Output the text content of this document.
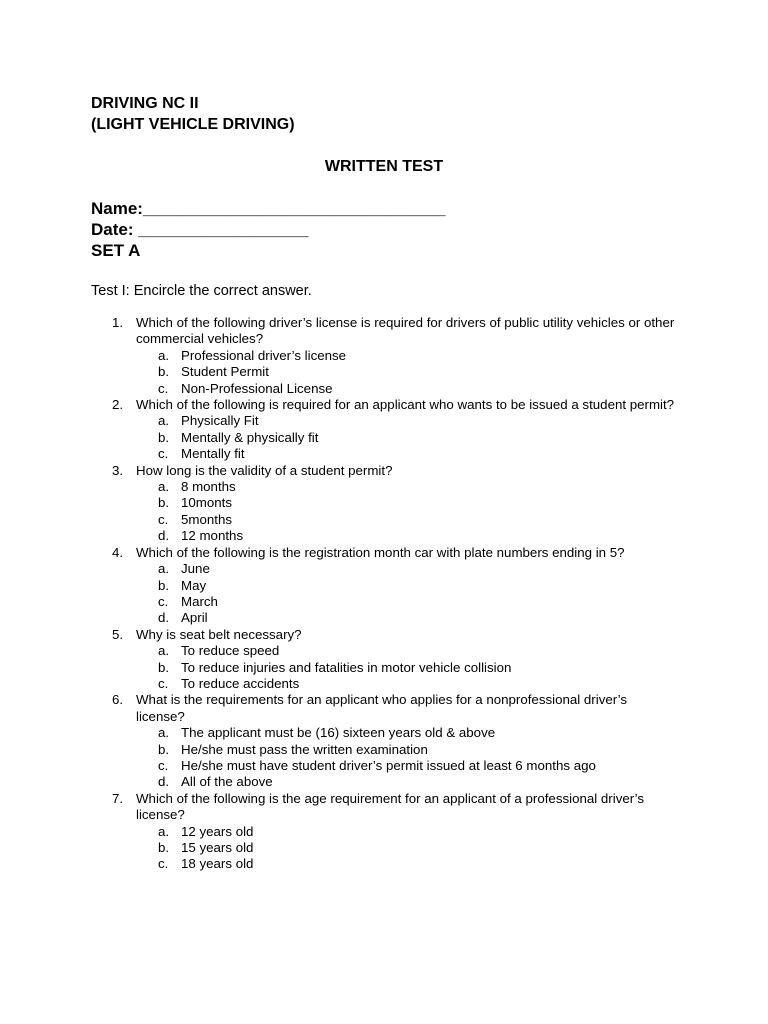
DRIVING NC II
(LIGHT VEHICLE DRIVING)
WRITTEN TEST
Name:________________________________
Date: __________________
SET A
Test I: Encircle the correct answer.
1. Which of the following driver’s license is required for drivers of public utility vehicles or other commercial vehicles?
a. Professional driver’s license
b. Student Permit
c. Non-Professional License
2. Which of the following is required for an applicant who wants to be issued a student permit?
a. Physically Fit
b. Mentally & physically fit
c. Mentally fit
3. How long is the validity of a student permit?
a. 8 months
b. 10monts
c. 5months
d. 12 months
4. Which of the following is the registration month car with plate numbers ending in 5?
a. June
b. May
c. March
d. April
5. Why is seat belt necessary?
a. To reduce speed
b. To reduce injuries and fatalities in motor vehicle collision
c. To reduce accidents
6. What is the requirements for an applicant who applies for a nonprofessional driver’s license?
a. The applicant must be (16) sixteen years old & above
b. He/she must pass the written examination
c. He/she must have student driver’s permit issued at least 6 months ago
d. All of the above
7. Which of the following is the age requirement for an applicant of a professional driver’s license?
a. 12 years old
b. 15 years old
c. 18 years old
